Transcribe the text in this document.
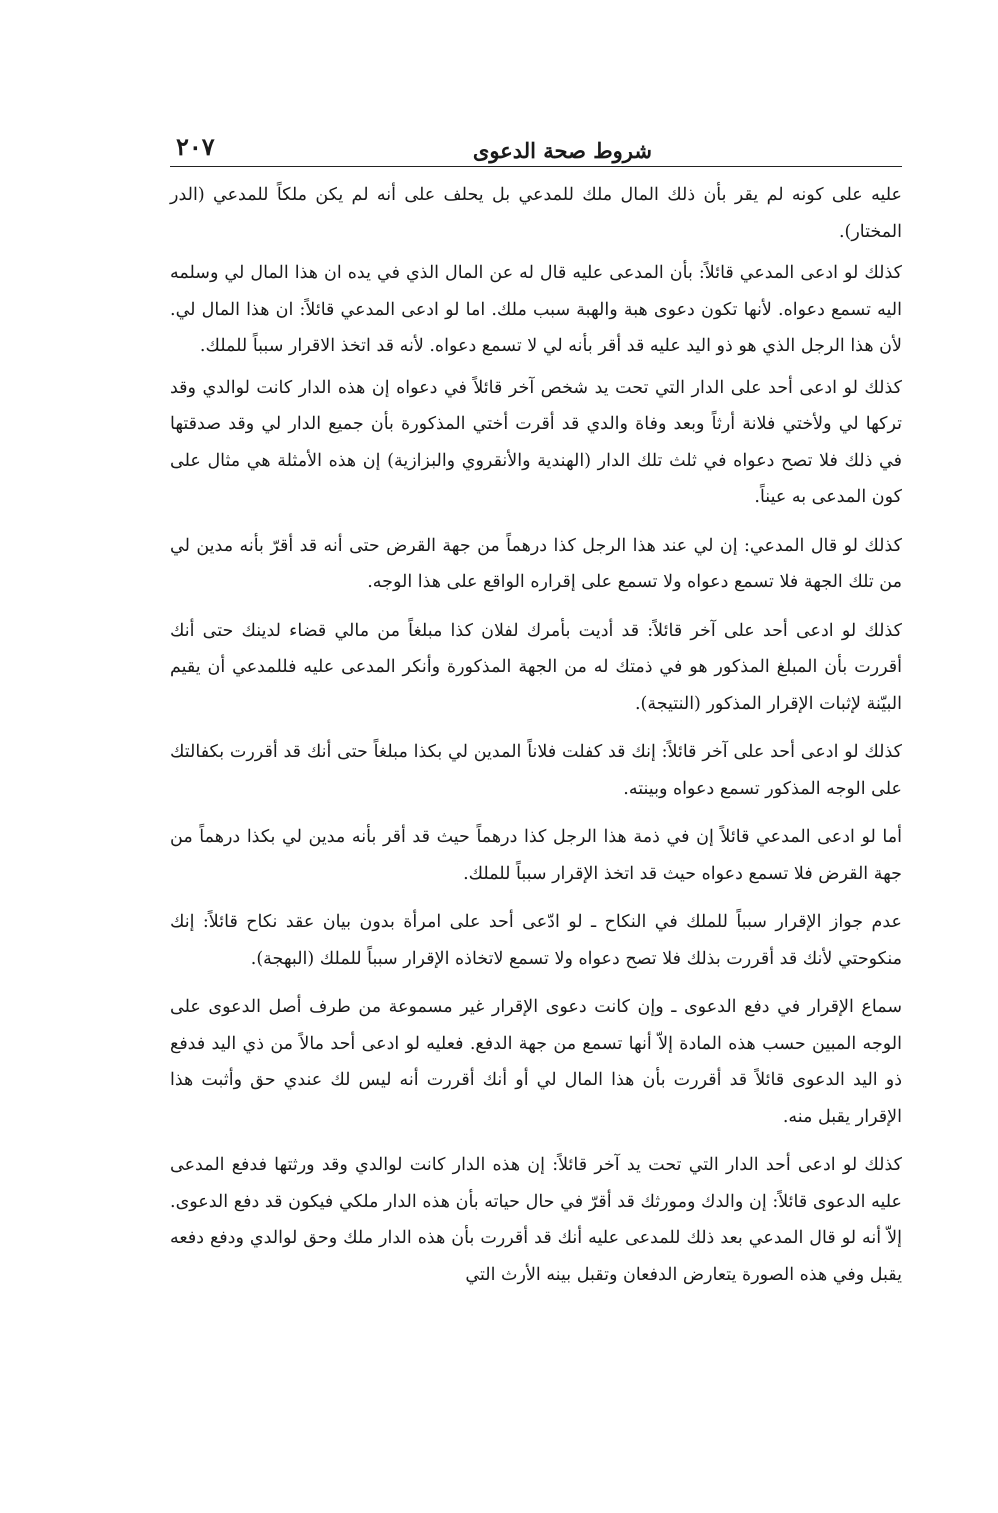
شروط صحة الدعوى
٢٠٧

عليه على كونه لم يقر بأن ذلك المال ملك للمدعي بل يحلف على أنه لم يكن ملكاً للمدعي (الدر المختار).

كذلك لو ادعى المدعي قائلاً: بأن المدعى عليه قال له عن المال الذي في يده ان هذا المال لي وسلمه اليه تسمع دعواه. لأنها تكون دعوى هبة والهبة سبب ملك. اما لو ادعى المدعي قائلاً: ان هذا المال لي. لأن هذا الرجل الذي هو ذو اليد عليه قد أقر بأنه لي لا تسمع دعواه. لأنه قد اتخذ الاقرار سبباً للملك.

كذلك لو ادعى أحد على الدار التي تحت يد شخص آخر قائلاً في دعواه إن هذه الدار كانت لوالدي وقد تركها لي ولأختي فلانة أرثاً وبعد وفاة والدي قد أقرت أختي المذكورة بأن جميع الدار لي وقد صدقتها في ذلك فلا تصح دعواه في ثلث تلك الدار (الهندية والأنقروي والبزازية) إن هذه الأمثلة هي مثال على كون المدعى به عيناً.

كذلك لو قال المدعي: إن لي عند هذا الرجل كذا درهماً من جهة القرض حتى أنه قد أقرّ بأنه مدين لي من تلك الجهة فلا تسمع دعواه ولا تسمع على إقراره الواقع على هذا الوجه.

كذلك لو ادعى أحد على آخر قائلاً: قد أديت بأمرك لفلان كذا مبلغاً من مالي قضاء لدينك حتى أنك أقررت بأن المبلغ المذكور هو في ذمتك له من الجهة المذكورة وأنكر المدعى عليه فللمدعي أن يقيم البيّنة لإثبات الإقرار المذكور (النتيجة).

كذلك لو ادعى أحد على آخر قائلاً: إنك قد كفلت فلاناً المدين لي بكذا مبلغاً حتى أنك قد أقررت بكفالتك على الوجه المذكور تسمع دعواه وبينته.

أما لو ادعى المدعي قائلاً إن في ذمة هذا الرجل كذا درهماً حيث قد أقر بأنه مدين لي بكذا درهماً من جهة القرض فلا تسمع دعواه حيث قد اتخذ الإقرار سبباً للملك.

عدم جواز الإقرار سبباً للملك في النكاح ـ لو ادّعى أحد على امرأة بدون بيان عقد نكاح قائلاً: إنك منكوحتي لأنك قد أقررت بذلك فلا تصح دعواه ولا تسمع لاتخاذه الإقرار سبباً للملك (البهجة).

سماع الإقرار في دفع الدعوى ـ وإن كانت دعوى الإقرار غير مسموعة من طرف أصل الدعوى على الوجه المبين حسب هذه المادة إلاّ أنها تسمع من جهة الدفع. فعليه لو ادعى أحد مالاً من ذي اليد فدفع ذو اليد الدعوى قائلاً قد أقررت بأن هذا المال لي أو أنك أقررت أنه ليس لك عندي حق وأثبت هذا الإقرار يقبل منه.

كذلك لو ادعى أحد الدار التي تحت يد آخر قائلاً: إن هذه الدار كانت لوالدي وقد ورثتها فدفع المدعى عليه الدعوى قائلاً: إن والدك ومورثك قد أقرّ في حال حياته بأن هذه الدار ملكي فيكون قد دفع الدعوى. إلاّ أنه لو قال المدعي بعد ذلك للمدعى عليه أنك قد أقررت بأن هذه الدار ملك وحق لوالدي ودفع دفعه يقبل وفي هذه الصورة يتعارض الدفعان وتقبل بينه الأرث التي
